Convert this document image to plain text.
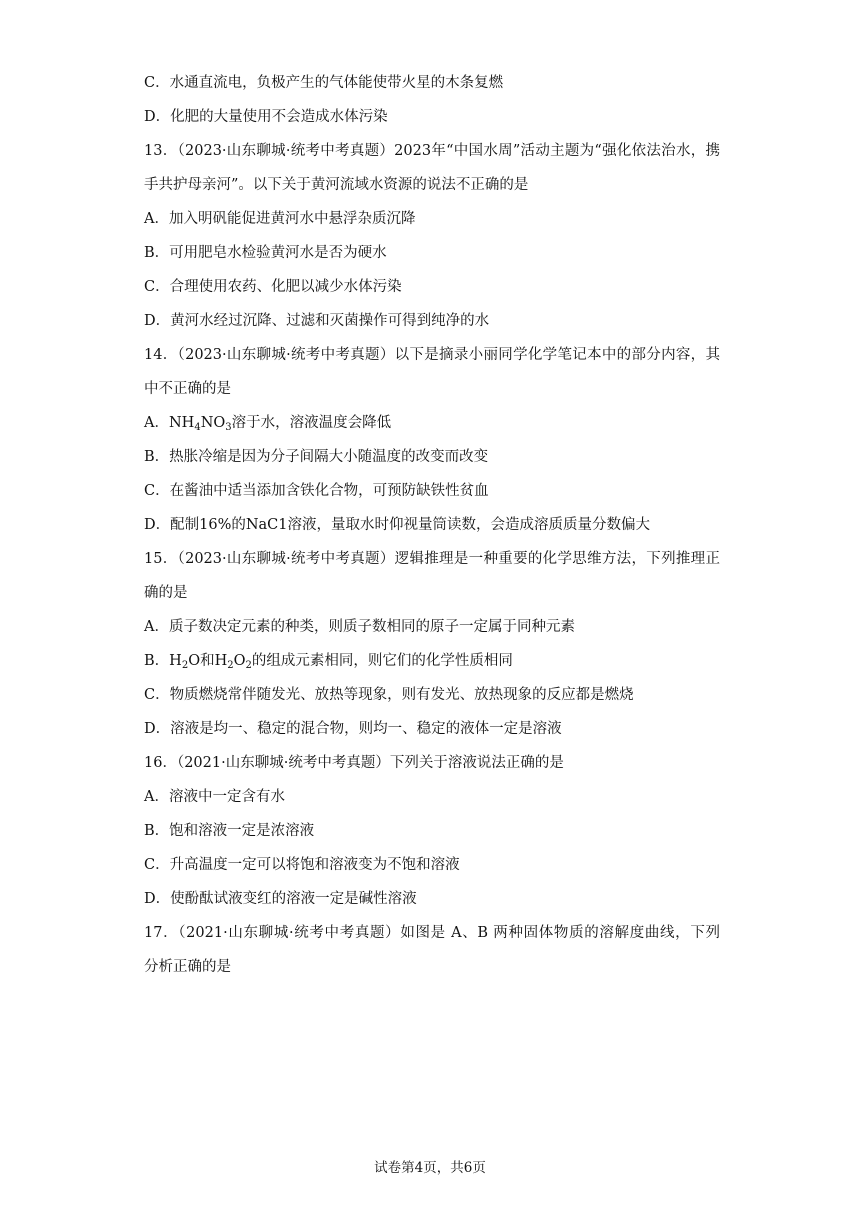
C．水通直流电，负极产生的气体能使带火星的木条复燃
D．化肥的大量使用不会造成水体污染
13．（2023·山东聊城·统考中考真题）2023年“中国水周”活动主题为“强化依法治水，携
手共护母亲河”。以下关于黄河流域水资源的说法不正确的是
A．加入明矾能促进黄河水中悬浮杂质沉降
B．可用肥皂水检验黄河水是否为硬水
C．合理使用农药、化肥以减少水体污染
D．黄河水经过沉降、过滤和灭菌操作可得到纯净的水
14．（2023·山东聊城·统考中考真题）以下是摘录小丽同学化学笔记本中的部分内容，其
中不正确的是
A．$NH_4NO_3$溶于水，溶液温度会降低
B．热胀冷缩是因为分子间隔大小随温度的改变而改变
C．在酱油中适当添加含铁化合物，可预防缺铁性贫血
D．配制16%的NaC1溶液，量取水时仰视量筒读数，会造成溶质质量分数偏大
15．（2023·山东聊城·统考中考真题）逻辑推理是一种重要的化学思维方法，下列推理正
确的是
A．质子数决定元素的种类，则质子数相同的原子一定属于同种元素
B．$H_2O$和$H_2O_2$的组成元素相同，则它们的化学性质相同
C．物质燃烧常伴随发光、放热等现象，则有发光、放热现象的反应都是燃烧
D．溶液是均一、稳定的混合物，则均一、稳定的液体一定是溶液
16．（2021·山东聊城·统考中考真题）下列关于溶液说法正确的是
A．溶液中一定含有水
B．饱和溶液一定是浓溶液
C．升高温度一定可以将饱和溶液变为不饱和溶液
D．使酚酞试液变红的溶液一定是碱性溶液
17．（2021·山东聊城·统考中考真题）如图是 A、B 两种固体物质的溶解度曲线，下列
分析正确的是
试卷第4页，共6页
